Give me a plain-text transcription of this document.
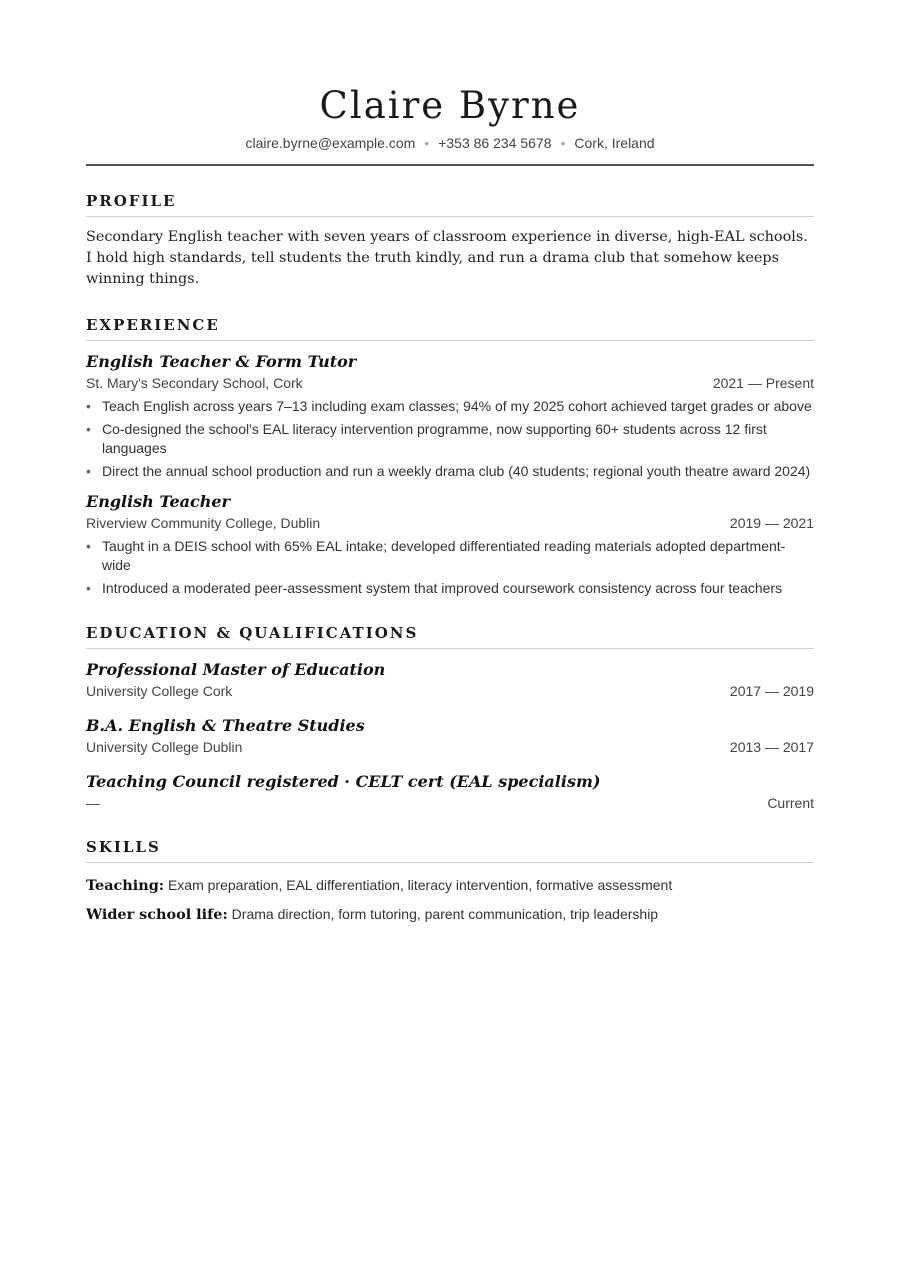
Claire Byrne
claire.byrne@example.com • +353 86 234 5678 • Cork, Ireland
PROFILE
Secondary English teacher with seven years of classroom experience in diverse, high-EAL schools. I hold high standards, tell students the truth kindly, and run a drama club that somehow keeps winning things.
EXPERIENCE
English Teacher & Form Tutor
St. Mary's Secondary School, Cork	2021 — Present
• Teach English across years 7–13 including exam classes; 94% of my 2025 cohort achieved target grades or above
• Co-designed the school's EAL literacy intervention programme, now supporting 60+ students across 12 first languages
• Direct the annual school production and run a weekly drama club (40 students; regional youth theatre award 2024)
English Teacher
Riverview Community College, Dublin	2019 — 2021
• Taught in a DEIS school with 65% EAL intake; developed differentiated reading materials adopted department-wide
• Introduced a moderated peer-assessment system that improved coursework consistency across four teachers
EDUCATION & QUALIFICATIONS
Professional Master of Education
University College Cork	2017 — 2019
B.A. English & Theatre Studies
University College Dublin	2013 — 2017
Teaching Council registered · CELT cert (EAL specialism)
—	Current
SKILLS
Teaching: Exam preparation, EAL differentiation, literacy intervention, formative assessment
Wider school life: Drama direction, form tutoring, parent communication, trip leadership
